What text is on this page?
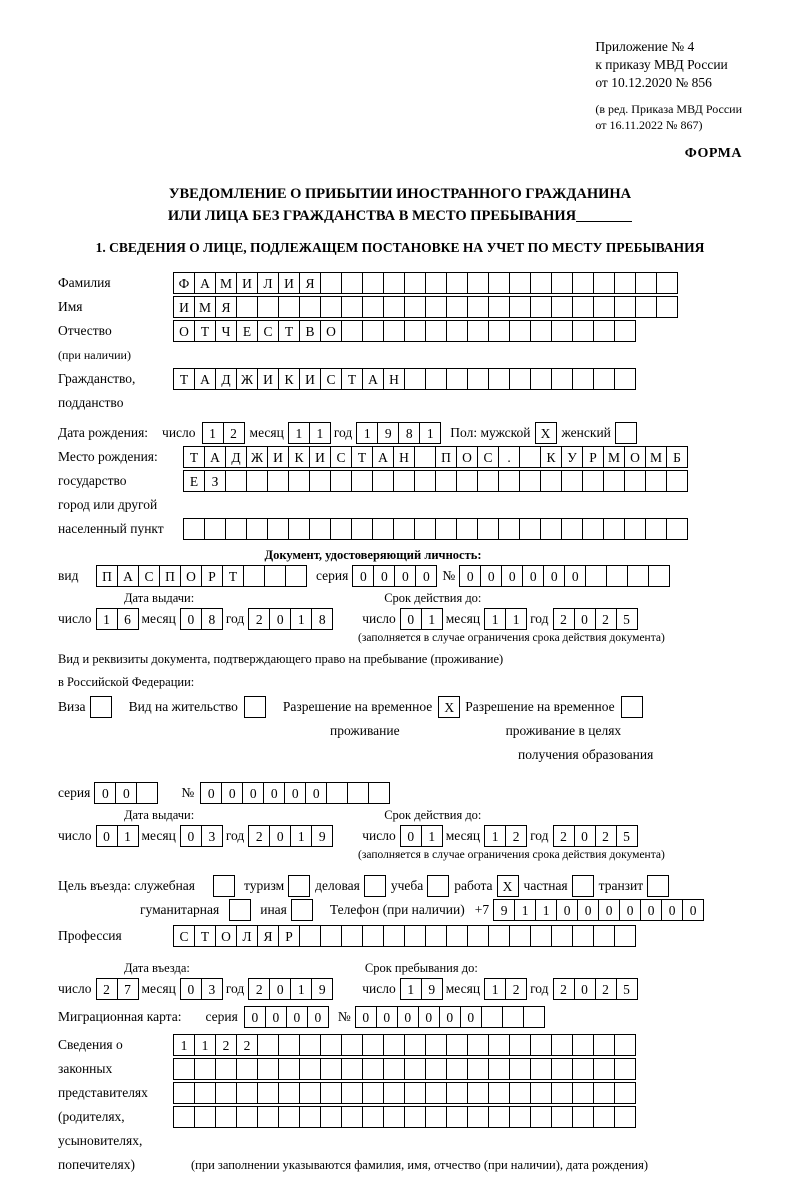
Приложение № 4
к приказу МВД России
от 10.12.2020 № 856
(в ред. Приказа МВД России
от 16.11.2022 № 867)
ФОРМА
УВЕДОМЛЕНИЕ О ПРИБЫТИИ ИНОСТРАННОГО ГРАЖДАНИНА
ИЛИ ЛИЦА БЕЗ ГРАЖДАНСТВА В МЕСТО ПРЕБЫВАНИЯ
1. СВЕДЕНИЯ О ЛИЦЕ, ПОДЛЕЖАЩЕМ ПОСТАНОВКЕ НА УЧЕТ ПО МЕСТУ ПРЕБЫВАНИЯ
Фамилия	Ф А М И Л И Я
Имя	И М Я
Отчество	О Т Ч Е С Т В О
(при наличии)
Гражданство,	Т А Д Ж И К И С Т А Н
подданство
Дата рождения: число	1	2 месяц 1	1 год 1	9	8	1	Пол: мужской Х женский
Место рождения:	Т А Д Ж И К И С Т А Н	П О С	.	К У Р М О М Б
государство	Е З
город или другой
населенный пункт
Документ, удостоверяющий личность:
вид	П А С П О Р Т	серия 0	0	0	0 № 0	0	0	0	0	0
Дата выдачи:	Срок действия до:
число 1	6 месяц 0	8 год 2	0	1	8	число 0	1 месяц 1	1 год 2	0	2	5
(заполняется в случае ограничения срока действия документа)
Вид и реквизиты документа, подтверждающего право на пребывание (проживание)
в Российской Федерации:
Виза	Вид на жительство	Разрешение на временное Х Разрешение на временное
проживание	проживание в целях
получения образования
серия 0	0	№	0	0	0	0	0	0
Дата выдачи:	Срок действия до:
число 0	1 месяц 0	3 год 2	0	1	9	число 0	1 месяц 1	2 год 2	0	2	5
(заполняется в случае ограничения срока действия документа)
Цель въезда: служебная	туризм деловая учеба работа Х частная транзит
гуманитарная	иная	Телефон (при наличии) +7 9	1	1	0	0	0	0	0	0	0
Профессия	С Т О Л Я Р
Дата въезда:	Срок пребывания до:
число 2	7 месяц 0	3 год 2	0	1	9	число 1	9 месяц 1	2 год 2	0	2	5
Миграционная карта: серия	0	0	0	0	№ 0	0	0	0	0	0
Сведения о	1	1	2	2
законных
представителях
(родителях,
усыновителях,
попечителях)	(при заполнении указываются фамилия, имя, отчество (при наличии), дата рождения)
